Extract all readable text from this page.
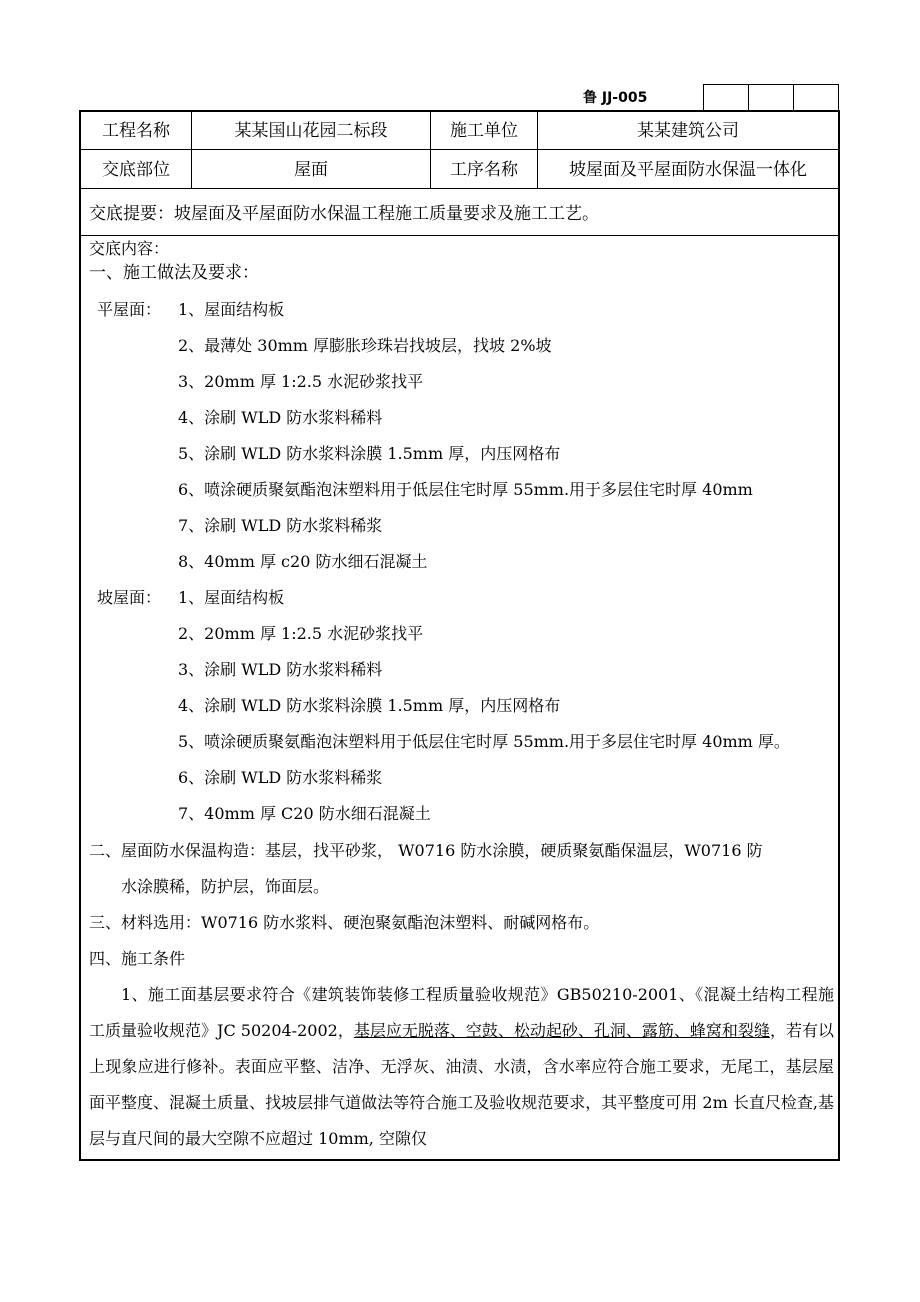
鲁 JJ-005
工程名称	某某国山花园二标段	施工单位	某某建筑公司
交底部位	屋面	工序名称	坡屋面及平屋面防水保温一体化
交底提要：坡屋面及平屋面防水保温工程施工质量要求及施工工艺。
交底内容：
一、施工做法及要求：
平屋面： 1、屋面结构板
2、最薄处 30mm 厚膨胀珍珠岩找坡层，找坡 2%坡
3、20mm 厚 1:2.5 水泥砂浆找平
4、涂刷 WLD 防水浆料稀料
5、涂刷 WLD 防水浆料涂膜 1.5mm 厚，内压网格布
6、喷涂硬质聚氨酯泡沫塑料用于低层住宅时厚 55mm.用于多层住宅时厚 40mm
7、涂刷 WLD 防水浆料稀浆
8、40mm 厚 c20 防水细石混凝土
坡屋面： 1、屋面结构板
2、20mm 厚 1:2.5 水泥砂浆找平
3、涂刷 WLD 防水浆料稀料
4、涂刷 WLD 防水浆料涂膜 1.5mm 厚，内压网格布
5、喷涂硬质聚氨酯泡沫塑料用于低层住宅时厚 55mm.用于多层住宅时厚 40mm 厚。
6、涂刷 WLD 防水浆料稀浆
7、40mm 厚 C20 防水细石混凝土
二、屋面防水保温构造：基层，找平砂浆， W0716 防水涂膜，硬质聚氨酯保温层，W0716 防
水涂膜稀，防护层，饰面层。
三、材料选用：W0716 防水浆料、硬泡聚氨酯泡沫塑料、耐碱网格布。
四、施工条件
1、施工面基层要求符合《建筑装饰装修工程质量验收规范》GB50210-2001、《混凝土结构工程施工质量验收规范》JC 50204-2002，基层应无脱落、空鼓、松动起砂、孔洞、露筋、蜂窝和裂缝，若有以上现象应进行修补。表面应平整、洁净、无浮灰、油渍、水渍，含水率应符合施工要求，无尾工，基层屋面平整度、混凝土质量、找坡层排气道做法等符合施工及验收规范要求，其平整度可用 2m 长直尺检查,基层与直尺间的最大空隙不应超过 10mm, 空隙仅
